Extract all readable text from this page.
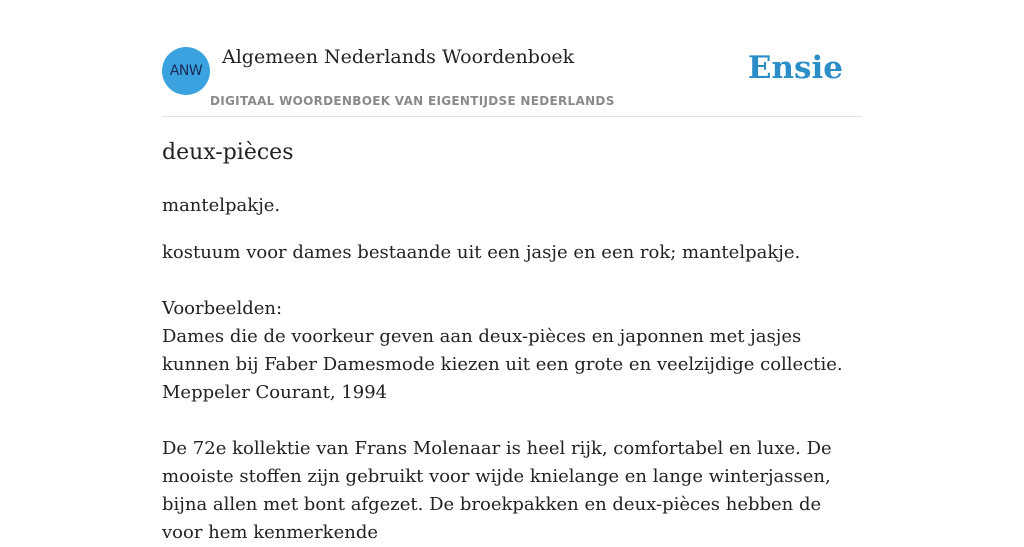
ANW
Algemeen Nederlands Woordenboek
DIGITAAL WOORDENBOEK VAN EIGENTIJDSE NEDERLANDS
Ensie
deux-pièces
mantelpakje.

kostuum voor dames bestaande uit een jasje en een rok; mantelpakje.

Voorbeelden:

Dames die de voorkeur geven aan deux-pièces en japonnen met jasjes kunnen bij Faber Damesmode kiezen uit een grote en veelzijdige collectie.

Meppeler Courant, 1994

De 72e kollektie van Frans Molenaar is heel rijk, comfortabel en luxe. De mooiste stoffen zijn gebruikt voor wijde knielange en lange winterjassen, bijna allen met bont afgezet. De broekpakken en deux-pièces hebben de voor hem kenmerkende
